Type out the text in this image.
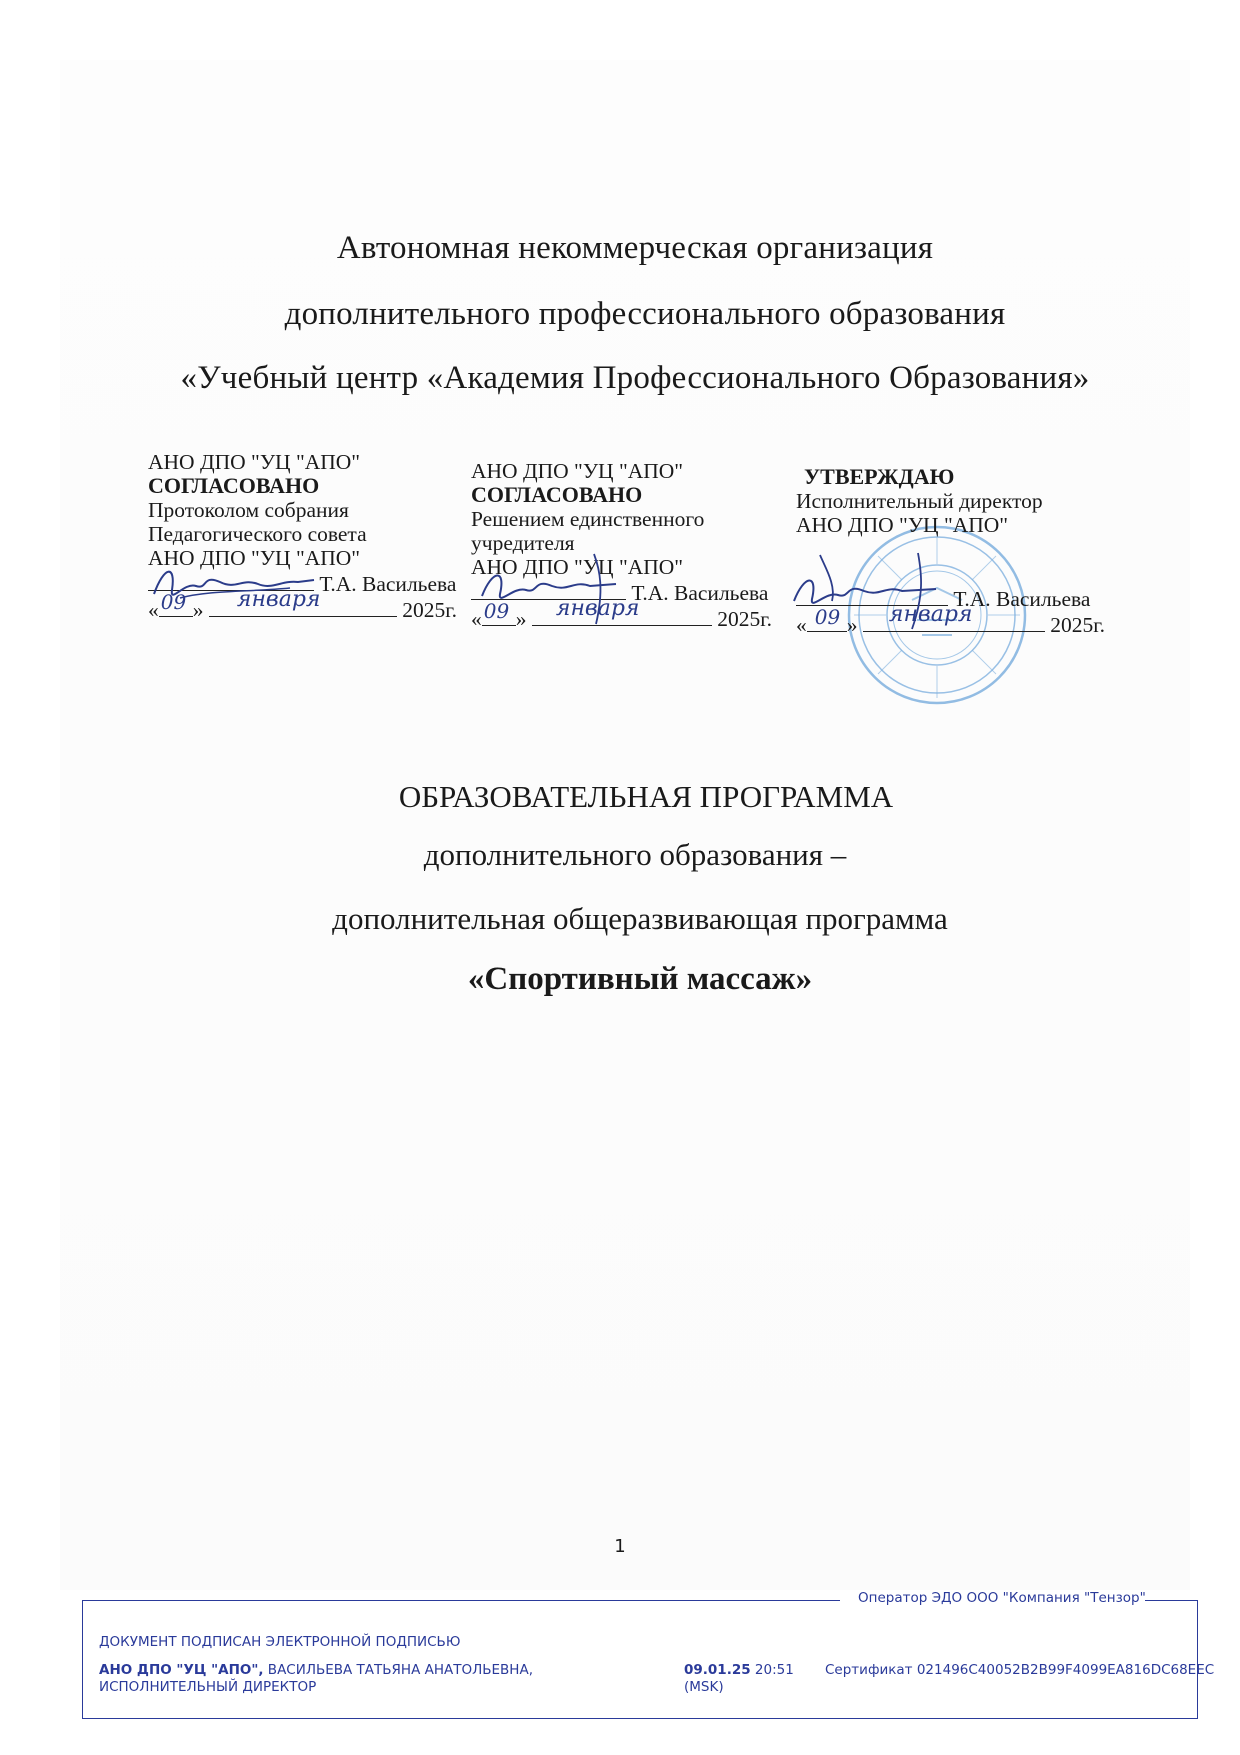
Автономная некоммерческая организация
дополнительного профессионального образования
«Учебный центр «Академия Профессионального Образования»
АНО ДПО "УЦ "АПО"
СОГЛАСОВАНО
Протоколом собрания
Педагогического совета
АНО ДПО "УЦ "АПО"
Т.А. Васильева
« 09 » января	2025г.
АНО ДПО "УЦ "АПО"
СОГЛАСОВАНО
Решением единственного
учредителя
АНО ДПО "УЦ "АПО"
Т.А. Васильева
« 09 » января	2025г.
УТВЕРЖДАЮ
Исполнительный директор
АНО ДПО "УЦ "АПО"
Т.А. Васильева
« 09 » января	2025г.
ОБРАЗОВАТЕЛЬНАЯ ПРОГРАММА
дополнительного образования –
дополнительная общеразвивающая программа
«Спортивный массаж»
1
Оператор ЭДО ООО "Компания "Тензор"
ДОКУМЕНТ ПОДПИСАН ЭЛЕКТРОННОЙ ПОДПИСЬЮ
АНО ДПО "УЦ "АПО", ВАСИЛЬЕВА ТАТЬЯНА АНАТОЛЬЕВНА, ИСПОЛНИТЕЛЬНЫЙ ДИРЕКТОР
09.01.25 20:51
(MSK)
Сертификат 021496C40052B2B99F4099EA816DC68EEC
